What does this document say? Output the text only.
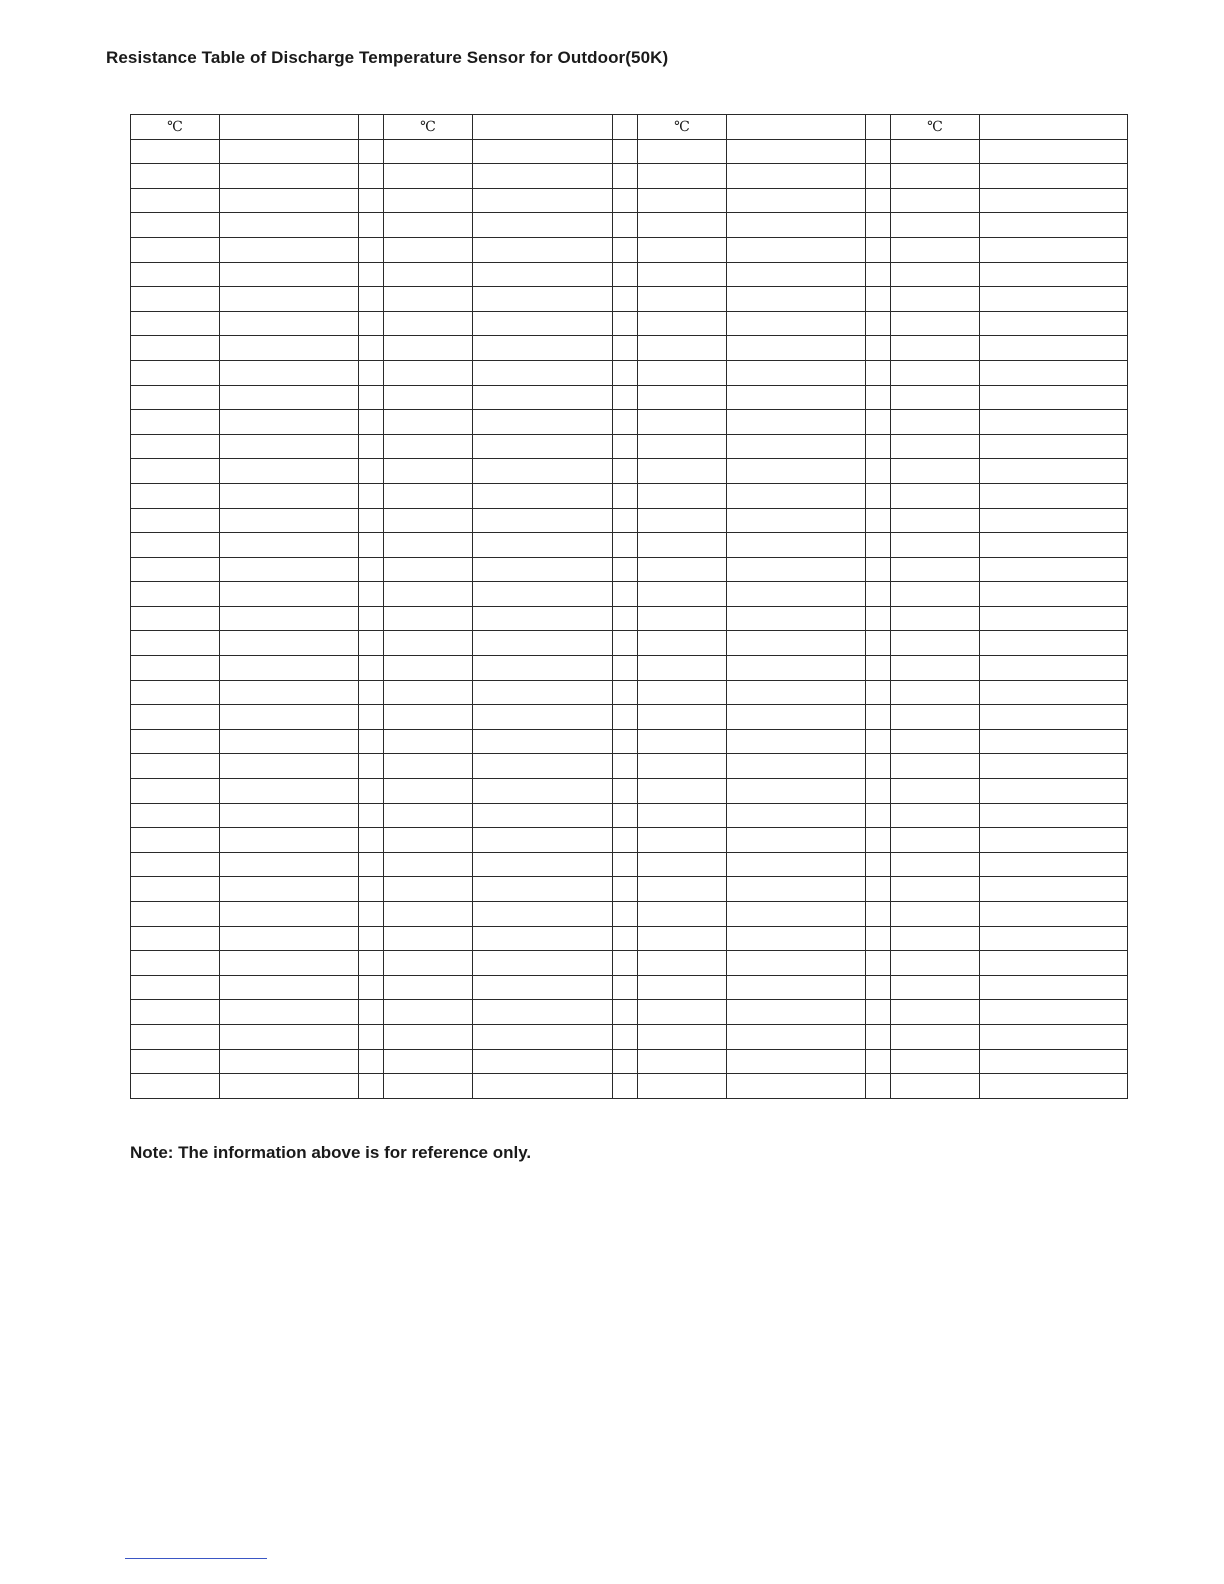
Resistance Table of Discharge Temperature Sensor for Outdoor(50K)
℃			℃			℃			℃	

Note: The information above is for reference only.
